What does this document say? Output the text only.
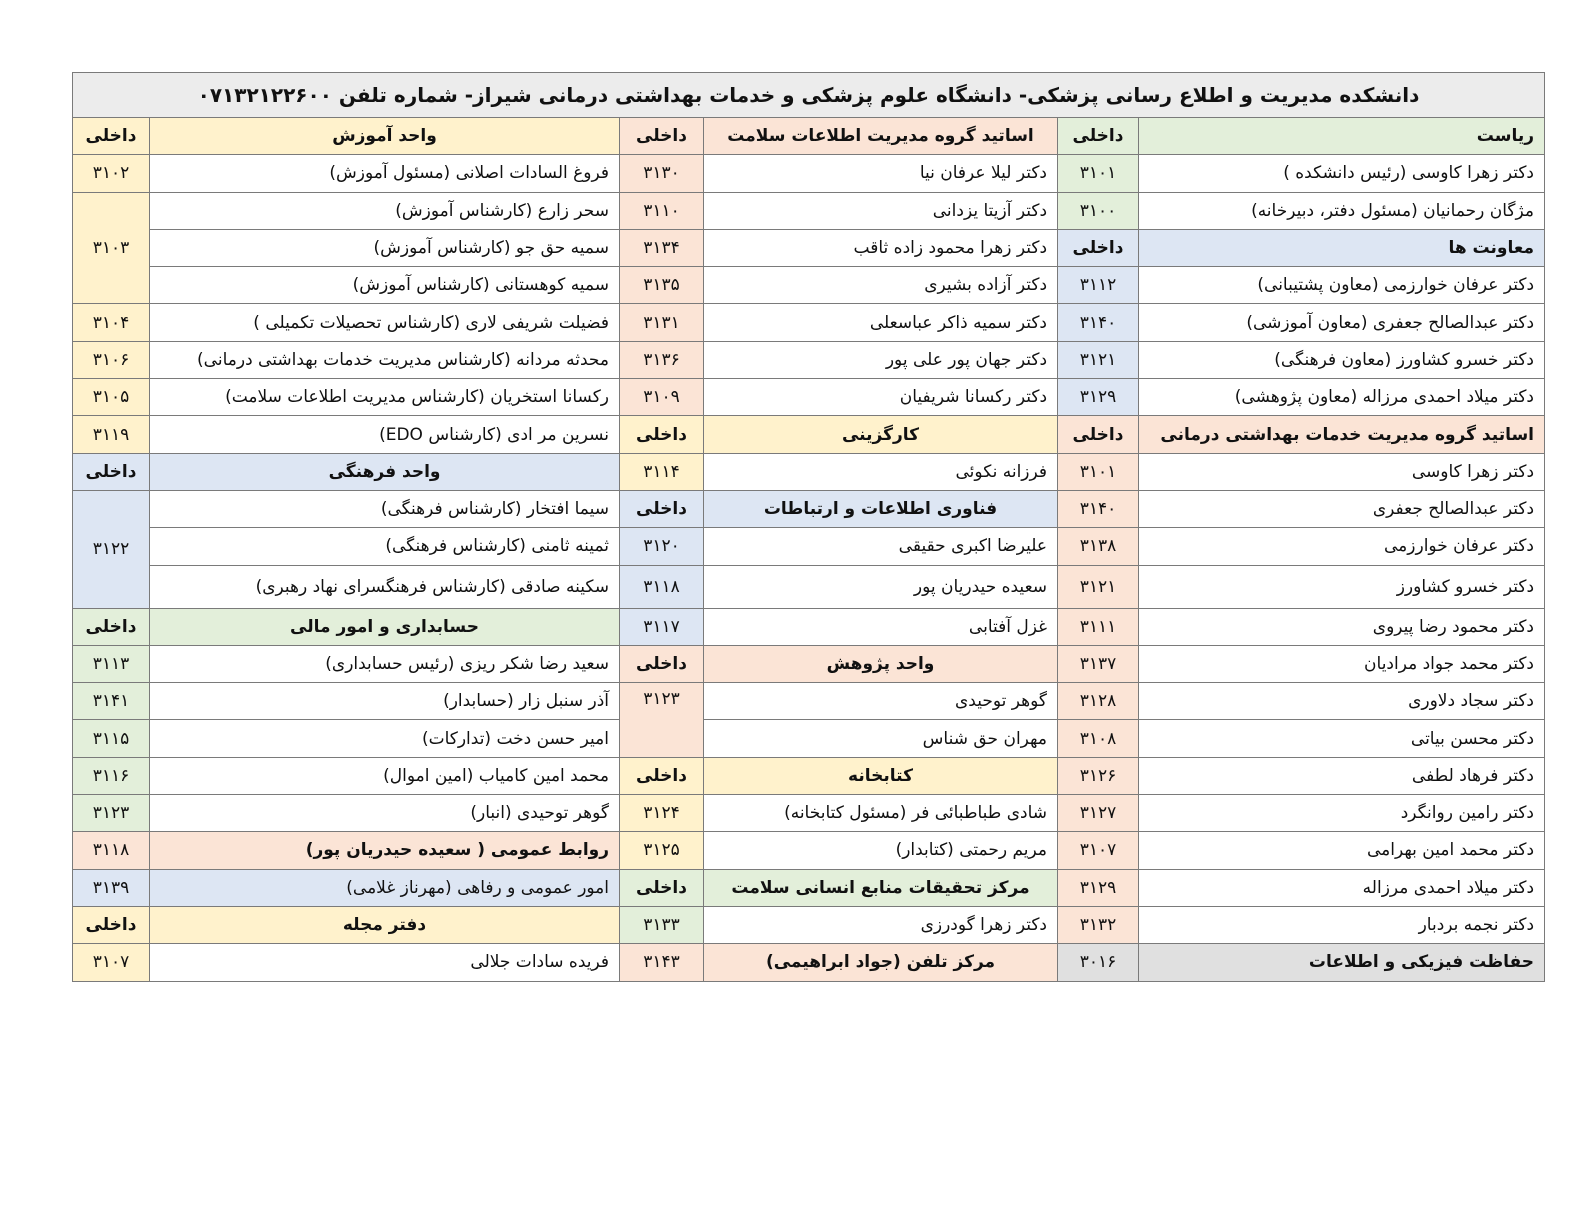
دانشکده مدیریت و اطلاع رسانی پزشکی- دانشگاه علوم پزشکی و خدمات بهداشتی درمانی شیراز- شماره تلفن ۰۷۱۳۲۱۲۲۶۰۰					
ریاست	داخلی	اساتید گروه مدیریت اطلاعات سلامت	داخلی	واحد آموزش	داخلی
دکتر زهرا کاوسی (رئیس دانشکده )	۳۱۰۱	دکتر لیلا عرفان نیا	۳۱۳۰	فروغ السادات اصلانی (مسئول آموزش)	۳۱۰۲
مژگان رحمانیان (مسئول دفتر، دبیرخانه)	۳۱۰۰	دکتر آزیتا یزدانی	۳۱۱۰	سحر زارع (کارشناس آموزش)	۳۱۰۳
معاونت ها	داخلی	دکتر زهرا محمود زاده ثاقب	۳۱۳۴	سمیه حق جو (کارشناس آموزش)	
دکتر عرفان خوارزمی (معاون پشتیبانی)	۳۱۱۲	دکتر آزاده بشیری	۳۱۳۵	سمیه کوهستانی (کارشناس آموزش)	
دکتر عبدالصالح جعفری (معاون آموزشی)	۳۱۴۰	دکتر سمیه ذاکر عباسعلی	۳۱۳۱	فضیلت شریفی لاری (کارشناس تحصیلات تکمیلی )	۳۱۰۴
دکتر خسرو کشاورز (معاون فرهنگی)	۳۱۲۱	دکتر جهان پور علی پور	۳۱۳۶	محدثه مردانه (کارشناس مدیریت خدمات بهداشتی درمانی)	۳۱۰۶
دکتر میلاد احمدی مرزاله (معاون پژوهشی)	۳۱۲۹	دکتر رکسانا شریفیان	۳۱۰۹	رکسانا استخریان (کارشناس مدیریت اطلاعات سلامت)	۳۱۰۵
اساتید گروه مدیریت خدمات بهداشتی درمانی	داخلی	کارگزینی	داخلی	نسرین مر ادی (کارشناس EDO)	۳۱۱۹
دکتر زهرا کاوسی	۳۱۰۱	فرزانه نکوئی	۳۱۱۴	واحد فرهنگی	داخلی
دکتر عبدالصالح جعفری	۳۱۴۰	فناوری اطلاعات و ارتباطات	داخلی	سیما افتخار (کارشناس فرهنگی)	۳۱۲۲
دکتر عرفان خوارزمی	۳۱۳۸	علیرضا اکبری حقیقی	۳۱۲۰	ثمینه ثامنی (کارشناس فرهنگی)	
دکتر خسرو کشاورز	۳۱۲۱	سعیده حیدریان پور	۳۱۱۸	سکینه صادقی (کارشناس فرهنگسرای نهاد رهبری)	
دکتر محمود رضا پیروی	۳۱۱۱	غزل آفتابی	۳۱۱۷	حسابداری و امور مالی	داخلی
دکتر محمد جواد مرادیان	۳۱۳۷	واحد پژوهش	داخلی	سعید رضا شکر ریزی (رئیس حسابداری)	۳۱۱۳
دکتر سجاد دلاوری	۳۱۲۸	گوهر توحیدی	۳۱۲۳	آذر سنبل زار (حسابدار)	۳۱۴۱
دکتر محسن بیاتی	۳۱۰۸	مهران حق شناس		امیر حسن دخت (تدارکات)	۳۱۱۵
دکتر فرهاد لطفی	۳۱۲۶	کتابخانه	داخلی	محمد امین کامیاب (امین اموال)	۳۱۱۶
دکتر رامین روانگرد	۳۱۲۷	شادی طباطبائی فر (مسئول کتابخانه)	۳۱۲۴	گوهر توحیدی (انبار)	۳۱۲۳
دکتر محمد امین بهرامی	۳۱۰۷	مریم رحمتی (کتابدار)	۳۱۲۵	روابط عمومی ( سعیده حیدریان پور)	۳۱۱۸
دکتر میلاد احمدی مرزاله	۳۱۲۹	مرکز تحقیقات منابع انسانی سلامت	داخلی	امور عمومی و رفاهی (مهرناز غلامی)	۳۱۳۹
دکتر نجمه بردبار	۳۱۳۲	دکتر زهرا گودرزی	۳۱۳۳	دفتر مجله	داخلی
حفاظت فیزیکی و اطلاعات	۳۰۱۶	مرکز تلفن (جواد ابراهیمی)	۳۱۴۳	فریده سادات جلالی	۳۱۰۷
